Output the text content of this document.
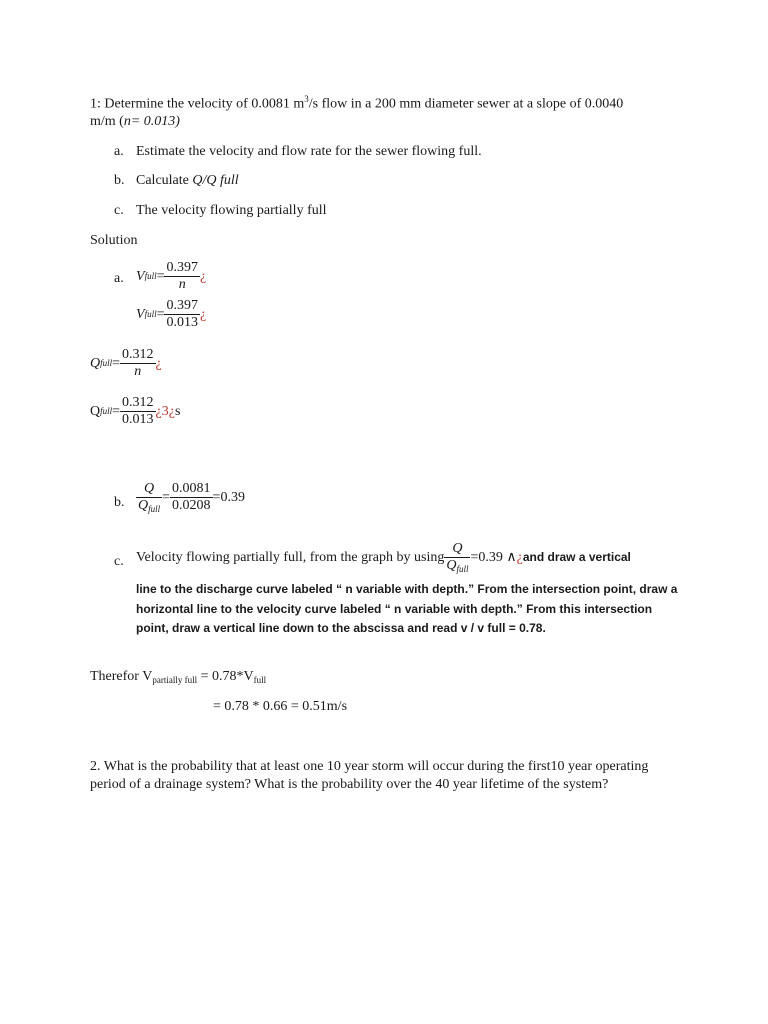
1: Determine the velocity of 0.0081 $m^3/s$ flow in a 200 mm diameter sewer at a slope of 0.0040
m/m (n= 0.013)
a. Estimate the velocity and flow rate for the sewer flowing full.
b. Calculate Q/Q full
c. The velocity flowing partially full
Solution
a. V full = $\frac{0.397}{n}$ ¿
V full = $\frac{0.397}{0.013}$ ¿
Q full = $\frac{0.312}{n}$ ¿
Q full = $\frac{0.312}{0.013}$ ¿3¿ s
b. $\frac{Q}{Q_{full}} = \frac{0.0081}{0.0208} =0.39$
c. Velocity flowing partially full, from the graph by using $\frac{Q}{Q_{full}} =0.39$ ∧ ¿ and draw a vertical
line to the discharge curve labeled “ n variable with depth.” From the intersection point, draw a
horizontal line to the velocity curve labeled “ n variable with depth.” From this intersection
point, draw a vertical line down to the abscissa and read v / v full = 0.78.
Therefor $V_{partially full} = 0.78*V_{full}$
= 0.78 * 0.66 = 0.51m/s
2. What is the probability that at least one 10 year storm will occur during the first10 year operating period of a drainage system? What is the probability over the 40 year lifetime of the system?
